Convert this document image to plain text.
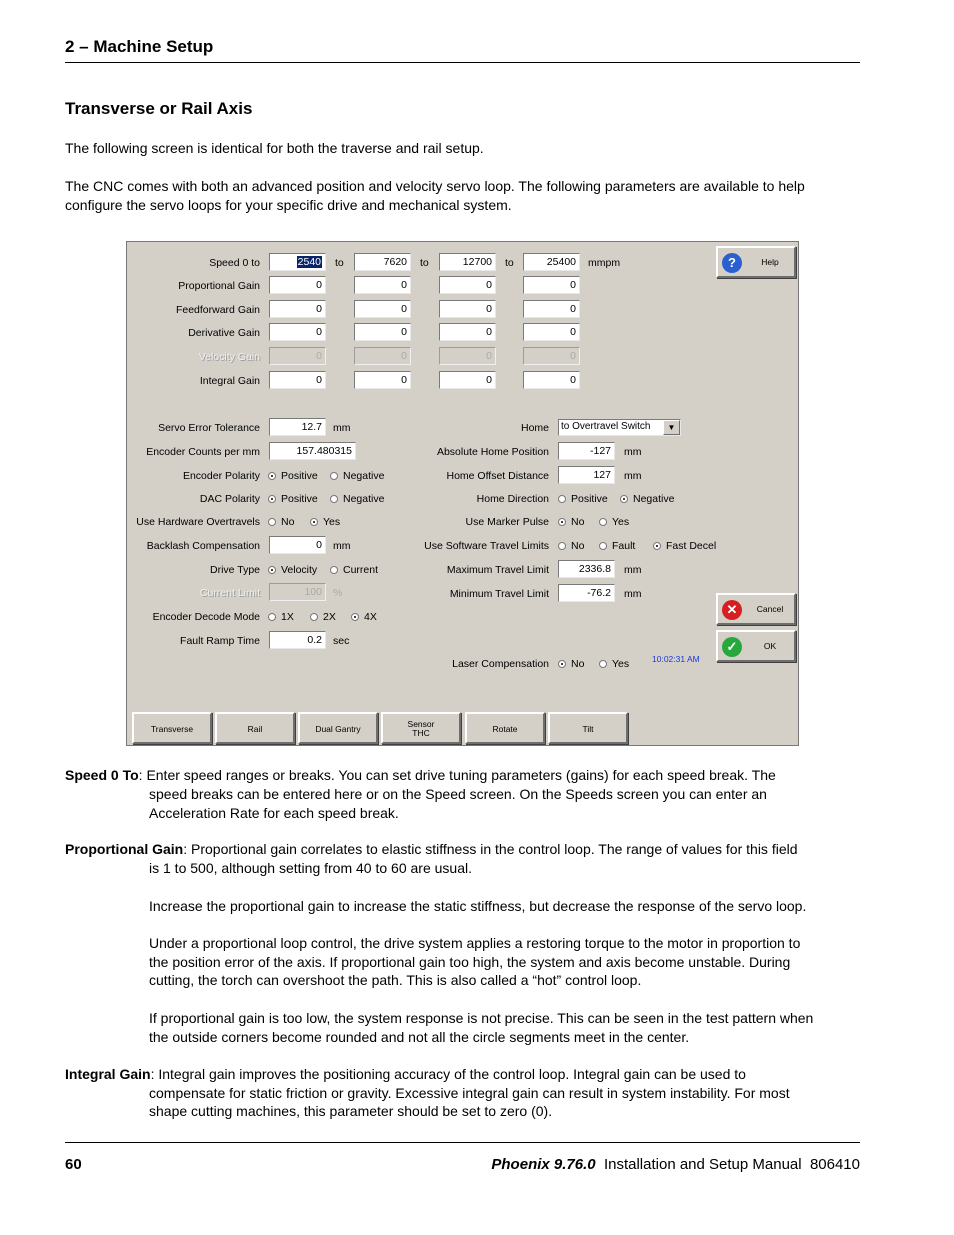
2 – Machine Setup
Transverse or Rail Axis
The following screen is identical for both the traverse and rail setup.
The CNC comes with both an advanced position and velocity servo loop. The following parameters are available to help configure the servo loops for your specific drive and mechanical system.
Speed 0 to	2540	to	7620	to	12700	to	25400	mmpm
Proportional Gain	0	0	0	0
Feedforward Gain	0	0	0	0
Derivative Gain	0	0	0	0
Velocity Gain	0	0	0	0
Integral Gain	0	0	0	0
Servo Error Tolerance	12.7	mm
Encoder Counts per mm	157.480315
Encoder Polarity	Positive	Negative
DAC Polarity	Positive	Negative
Use Hardware Overtravels	No	Yes
Backlash Compensation	0	mm
Drive Type	Velocity	Current
Current Limit	100	%
Encoder Decode Mode	1X	2X	4X
Fault Ramp Time	0.2	sec
Home	to Overtravel Switch	▼
Absolute Home Position	-127	mm
Home Offset Distance	127	mm
Home Direction	Positive	Negative
Use Marker Pulse	No	Yes
Use Software Travel Limits	No	Fault	Fast Decel
Maximum Travel Limit	2336.8	mm
Minimum Travel Limit	-76.2	mm
Laser Compensation	No	Yes	10:02:31 AM
?	Help
✕	Cancel
✓	OK
Transverse	Rail	Dual Gantry	Sensor
THC	Rotate	Tilt
Speed 0 To: Enter speed ranges or breaks. You can set drive tuning parameters (gains) for each speed break. The
speed breaks can be entered here or on the Speed screen. On the Speeds screen you can enter an
Acceleration Rate for each speed break.
Proportional Gain: Proportional gain correlates to elastic stiffness in the control loop. The range of values for this field
is 1 to 500, although setting from 40 to 60 are usual.
Increase the proportional gain to increase the static stiffness, but decrease the response of the servo loop.
Under a proportional loop control, the drive system applies a restoring torque to the motor in proportion to
the position error of the axis. If proportional gain too high, the system and axis become unstable. During
cutting, the torch can overshoot the path. This is also called a “hot” control loop.
If proportional gain is too low, the system response is not precise. This can be seen in the test pattern when
the outside corners become rounded and not all the circle segments meet in the center.
Integral Gain: Integral gain improves the positioning accuracy of the control loop. Integral gain can be used to
compensate for static friction or gravity. Excessive integral gain can result in system instability. For most
shape cutting machines, this parameter should be set to zero (0).
60	Phoenix 9.76.0 Installation and Setup Manual 806410
